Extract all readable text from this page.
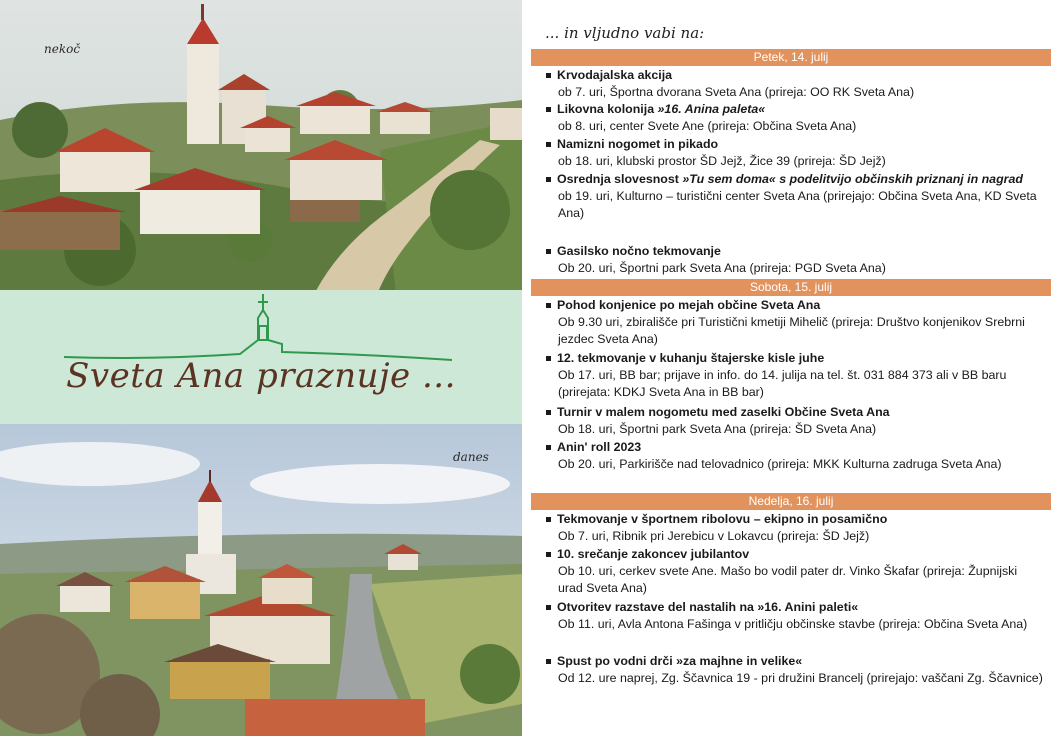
Sveta Ana praznuje ...
nekoč
danes
... in vljudno vabi na:
Petek, 14. julij
Krvodajalska akcija
ob 7. uri, Športna dvorana Sveta Ana (prireja: OO RK Sveta Ana)
Likovna kolonija »16. Anina paleta«
ob 8. uri, center Svete Ane (prireja: Občina Sveta Ana)
Namizni nogomet in pikado
ob 18. uri, klubski prostor ŠD Jejž, Žice 39 (prireja: ŠD Jejž)
Osrednja slovesnost »Tu sem doma« s podelitvijo občinskih priznanj in nagrad
ob 19. uri, Kulturno – turistični center Sveta Ana (prirejajo: Občina Sveta Ana, KD Sveta Ana)
Gasilsko nočno tekmovanje
Ob 20. uri, Športni park Sveta Ana (prireja: PGD Sveta Ana)
Sobota, 15. julij
Pohod konjenice po mejah občine Sveta Ana
Ob 9.30 uri, zbirališče pri Turistični kmetiji Mihelič (prireja: Društvo konjenikov Srebrni jezdec Sveta Ana)
12. tekmovanje v kuhanju štajerske kisle juhe
Ob 17. uri, BB bar; prijave in info. do 14. julija na tel. št. 031 884 373 ali v BB baru (prirejata: KDKJ Sveta Ana in BB bar)
Turnir v malem nogometu med zaselki Občine Sveta Ana
Ob 18. uri, Športni park Sveta Ana (prireja: ŠD Sveta Ana)
Anin' roll 2023
Ob 20. uri, Parkirišče nad telovadnico (prireja: MKK Kulturna zadruga Sveta Ana)
Nedelja, 16. julij
Tekmovanje v športnem ribolovu – ekipno in posamično
Ob 7. uri, Ribnik pri Jerebicu v Lokavcu (prireja: ŠD Jejž)
10. srečanje zakoncev jubilantov
Ob 10. uri, cerkev svete Ane. Mašo bo vodil pater dr. Vinko Škafar (prireja: Župnijski urad Sveta Ana)
Otvoritev razstave del nastalih na »16. Anini paleti«
Ob 11. uri, Avla Antona Fašinga v pritličju občinske stavbe (prireja: Občina Sveta Ana)
Spust po vodni drči »za majhne in velike«
Od 12. ure naprej, Zg. Ščavnica 19 - pri družini Brancelj (prirejajo: vaščani Zg. Ščavnice)
